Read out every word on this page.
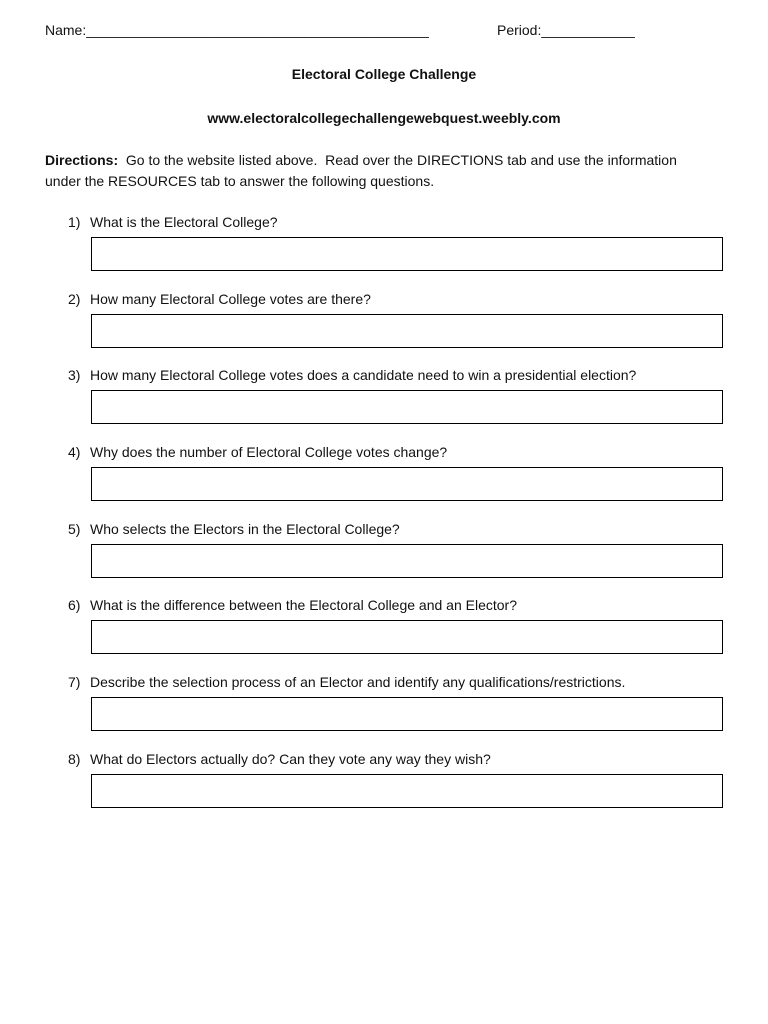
Name:____________________________________________	Period:____________
Electoral College Challenge
www.electoralcollegechallengewebquest.weebly.com
Directions:  Go to the website listed above.  Read over the DIRECTIONS tab and use the information under the RESOURCES tab to answer the following questions.
1) What is the Electoral College?
2) How many Electoral College votes are there?
3) How many Electoral College votes does a candidate need to win a presidential election?
4) Why does the number of Electoral College votes change?
5) Who selects the Electors in the Electoral College?
6) What is the difference between the Electoral College and an Elector?
7) Describe the selection process of an Elector and identify any qualifications/restrictions.
8) What do Electors actually do? Can they vote any way they wish?
